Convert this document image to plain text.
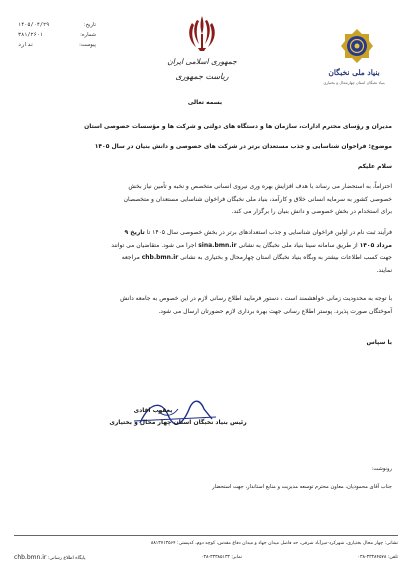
تاریخ:
۱۴۰۵/۰۴/۲۹
شماره:
۳۸۱/۲۶۰۱
پیوست:
ندارد
جمهوری اسلامی ایران
ریاست جمهوری	بنیاد ملی نخبگان
بنیاد نخبگان استان چهارمحال و بختیاری
بسمه تعالی
مدیران و رؤسای محترم ادارات، سازمان ها و دستگاه های دولتی و شرکت ها و مؤسسات خصوصی استان
موضوع: فراخوان شناسایی و جذب مستعدان برتر در شرکت های خصوصی و دانش بنیان در سال ۱۴۰۵
سلام علیکم
احتراماً، به استحضار می رساند با هدف افزایش بهره وری نیروی انسانی متخصص و نخبه و تأمین نیاز بخش
خصوصی کشور به سرمایه انسانی خلاق و کارآمد، بنیاد ملی نخبگان فراخوان شناسایی مستعدان و متخصصان
برای استخدام در بخش خصوصی و دانش بنیان را برگزار می کند.
فرآیند ثبت نام در اولین فراخوان شناسایی و جذب استعدادهای برتر در بخش خصوصی سال ۱۴۰۵ تا تاریخ ۹
مرداد ۱۴۰۵ از طریق سامانه سینا بنیاد ملی نخبگان به نشانی sina.bmn.ir اجرا می شود. متقاضیان می توانند
جهت کسب اطلاعات بیشتر به وبگاه بنیاد نخبگان استان چهارمحال و بختیاری به نشانی chb.bmn.ir مراجعه
نمایند.
با توجه به محدودیت زمانی خواهشمند است ، دستور فرمایید اطلاع رسانی لازم در این خصوص به جامعه دانش
آموختگان صورت پذیرد. پوستر اطلاع رسانی جهت بهره برداری لازم حضورتان ارسال می شود.
با سپاس
یعقوب اقادی
رئیس بنیاد نخبگان استان چهار محال و بختیاری
رونوشت:
جناب آقای محمودیان، معاون محترم توسعه مدیریت و منابع استاندار، جهت استحضار
نشانی: چهار محال بختیاری، شهرکرد-میرآباد شرقی، حد فاصل میدان جهاد و میدان دفاع مقدس، کوچه دوم، کدپستی: ۸۸۱۳۷۱۳۵۶۴
تلفن: ۳۳۳۸۴۵۷۸-۰۳۸
نمابر: ۳۳۳۸۵۱۳۳-۰۳۸
پایگاه اطلاع رسانی: chb.bmn.ir
